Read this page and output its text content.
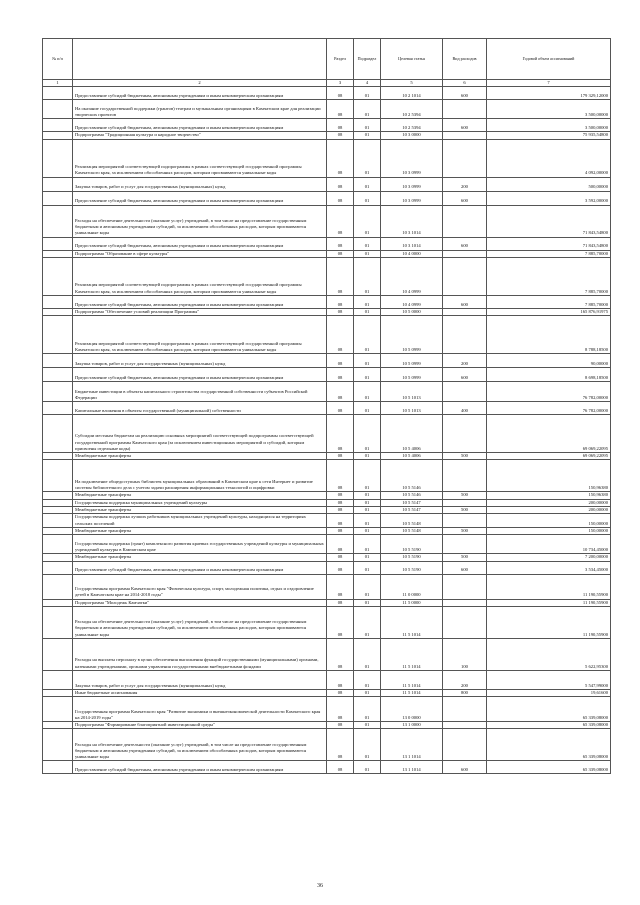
№ п/п		Раздел	Подраздел	Целевая статья	Вид расходов	Годовой объем ассигнований
1	2	3	4	5	6	7
	Предоставление субсидий бюджетным, автономным учреждениям и иным некоммерческим организациям	08	01	10 2 1014	600	179 329,12000
	На оказание государственной поддержки (грантов) театрам и музыкальным организациям в Камчатском крае для реализации творческих проектов	08	01	10 2 5394		3 500,00000
	Предоставление субсидий бюджетным, автономным учреждениям и иным некоммерческим организациям	08	01	10 2 5394	600	3 500,00000
	Подпрограмма "Традиционная культура и народное творчество"	08	01	10 3 0000		75 935,54800
	Реализация мероприятий соответствующей подпрограммы в рамках соответствующей государственной программы Камчатского края, за исключением обособленных расходов, которым присваиваются уникальные коды	08	01	10 3 0999		4 092,00000
	Закупка товаров, работ и услуг для государственных (муниципальных) нужд	08	01	10 3 0999	200	500,00000
	Предоставление субсидий бюджетным, автономным учреждениям и иным некоммерческим организациям	08	01	10 3 0999	600	3 592,00000
	Расходы на обеспечение деятельности (оказание услуг) учреждений, в том числе на предоставление государственным бюджетным и автономным учреждениям субсидий, за исключением обособленных расходов, которым присваиваются уникальные коды	08	01	10 3 1014		71 843,54800
	Предоставление субсидий бюджетным, автономным учреждениям и иным некоммерческим организациям	08	01	10 3 1014	600	71 843,54800
	Подпрограмма "Образование в сфере культуры"	08	01	10 4 0000		7 885,70000
	Реализация мероприятий соответствующей подпрограммы в рамках соответствующей государственной программы Камчатского края, за исключением обособленных расходов, которым присваиваются уникальные коды	08	01	10 4 0999		7 885,70000
	Предоставление субсидий бюджетным, автономным учреждениям и иным некоммерческим организациям	08	01	10 4 0999	600	7 885,70000
	Подпрограмма "Обеспечение условий реализации Программы"	08	01	10 5 0000		165 876,91975
	Реализация мероприятий соответствующей подпрограммы в рамках соответствующей государственной программы Камчатского края, за исключением обособленных расходов, которым присваиваются уникальные коды	08	01	10 5 0999		8 788,18500
	Закупка товаров, работ и услуг для государственных (муниципальных) нужд	08	01	10 5 0999	200	90,00000
	Предоставление субсидий бюджетным, автономным учреждениям и иным некоммерческим организациям	08	01	10 5 0999	600	8 698,18500
	Бюджетные инвестиции в объекты капитального строительства государственной собственности субъектов Российской Федерации	08	01	10 5 1013		76 782,00000
	Капитальные вложения в объекты государственной (муниципальной) собственности	08	01	10 5 1013	400	76 782,00000
	Субсидии местным бюджетам на реализацию основных мероприятий соответствующей подпрограммы соответствующей государственной программы Камчатского края (за исключением инвестиционных мероприятий и субсидий, которым присвоены отдельные коды)	08	01	10 5 4006		69 069,22095
	Межбюджетные трансферты	08	01	10 5 4006	500	69 069,22095
	На подключение общедоступных библиотек муниципальных образований в Камчатском крае к сети Интернет и развитие системы библиотечного дела с учетом задачи расширения информационных технологий и оцифровки	08	01	10 5 5146		150,96380
	Межбюджетные трансферты	08	01	10 5 5146	500	150,96380
	Государственная поддержка муниципальных учреждений культуры	08	01	10 5 5147		200,00000
	Межбюджетные трансферты	08	01	10 5 5147	500	200,00000
	Государственная поддержка лучших работников муниципальных учреждений культуры, находящихся на территориях сельских поселений	08	01	10 5 5148		150,00000
	Межбюджетные трансферты	08	01	10 5 5148	500	150,00000
	Государственная поддержка (грант) комплексного развития краевых государственных учреждений культуры и муниципальных учреждений культуры в Камчатском крае	08	01	10 5 5190		10 734,45000
	Межбюджетные трансферты	08	01	10 5 5190	500	7 200,00000
	Предоставление субсидий бюджетным, автономным учреждениям и иным некоммерческим организациям	08	01	10 5 5190	600	3 534,45000
	Государственная программа Камчатского края "Физическая культура, спорт, молодежная политика, отдых и оздоровление детей в Камчатском крае на 2014-2018 годы"	08	01	11 0 0000		11 190,55900
	Подпрограмма "Молодежь Камчатки"	08	01	11 5 0000		11 190,55900
	Расходы на обеспечение деятельности (оказание услуг) учреждений, в том числе на предоставление государственным бюджетным и автономным учреждениям субсидий, за исключением обособленных расходов, которым присваиваются уникальные коды	08	01	11 5 1014		11 190,55900
	Расходы на выплаты персоналу в целях обеспечения выполнения функций государственными (муниципальными) органами, казенными учреждениями, органами управления государственными внебюджетными фондами	08	01	11 5 1014	100	5 622,95300
	Закупка товаров, работ и услуг для государственных (муниципальных) нужд	08	01	11 5 1014	200	5 547,99000
	Иные бюджетные ассигнования	08	01	11 5 1014	800	19,61600
	Государственная программа Камчатского края "Развитие экономики и внешнеэкономической деятельности Камчатского края на 2014-2019 годы"	08	01	13 0 0000		65 339,08000
	Подпрограмма "Формирование благоприятной инвестиционной среды"	08	01	13 1 0000		65 339,08000
	Расходы на обеспечение деятельности (оказание услуг) учреждений, в том числе на предоставление государственным бюджетным и автономным учреждениям субсидий, за исключением обособленных расходов, которым присваиваются уникальные коды	08	01	13 1 1014		65 339,08000
	Предоставление субсидий бюджетным, автономным учреждениям и иным некоммерческим организациям	08	01	13 1 1014	600	65 339,08000
36
